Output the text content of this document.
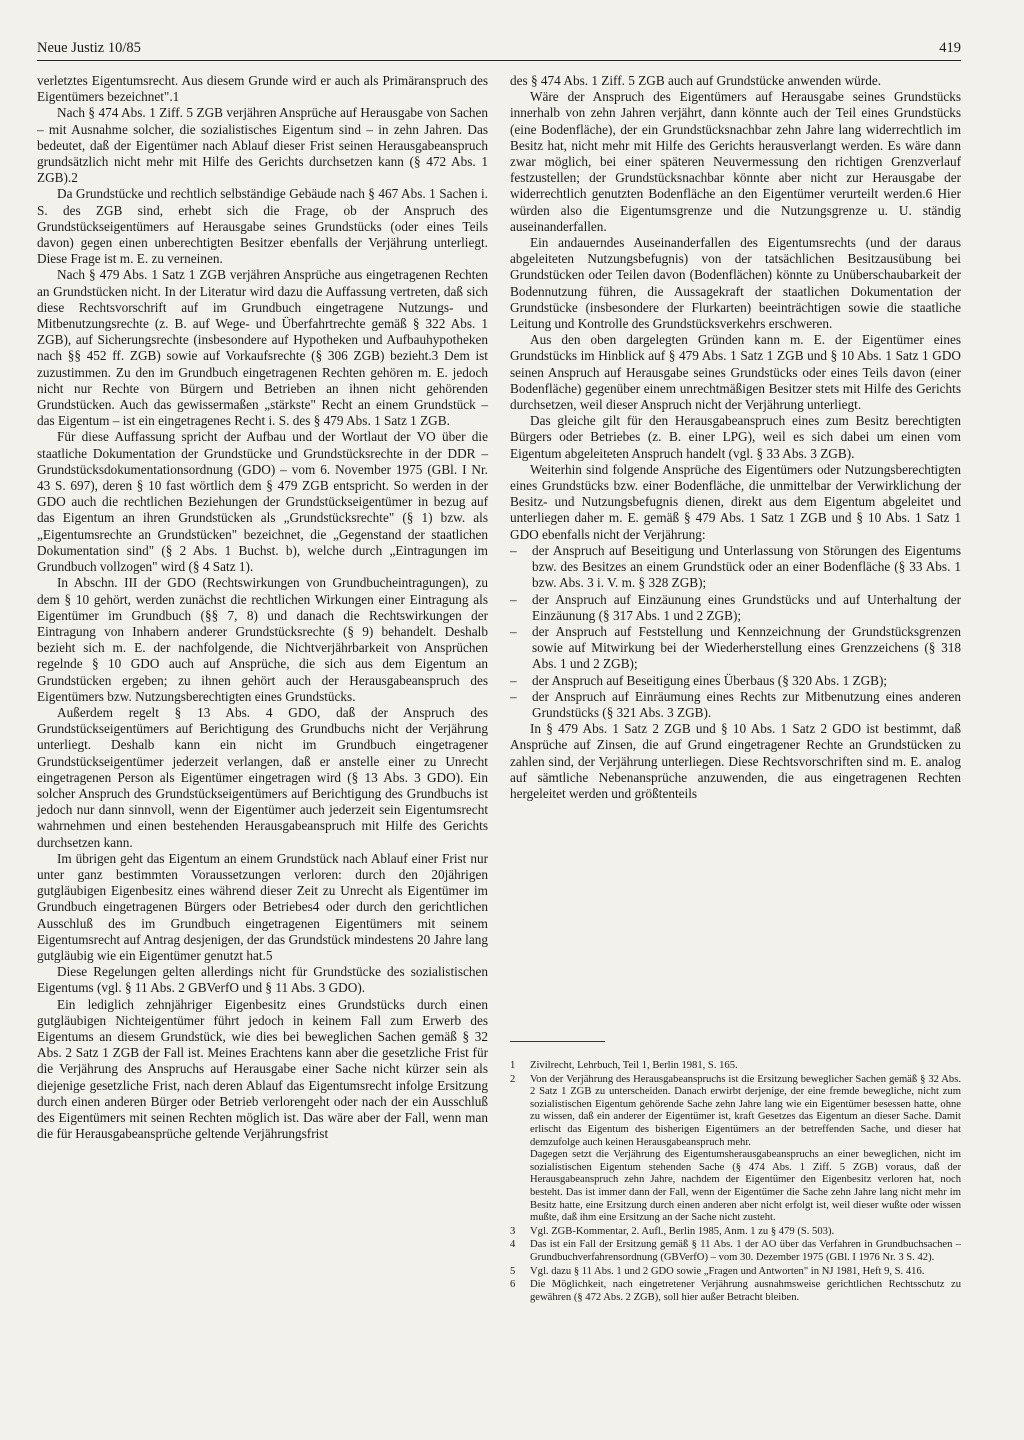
Neue Justiz 10/85	419

verletztes Eigentumsrecht. Aus diesem Grunde wird er auch als Primäranspruch des Eigentümers bezeichnet".1

Nach § 474 Abs. 1 Ziff. 5 ZGB verjähren Ansprüche auf Herausgabe von Sachen – mit Ausnahme solcher, die sozialistisches Eigentum sind – in zehn Jahren. Das bedeutet, daß der Eigentümer nach Ablauf dieser Frist seinen Herausgabeanspruch grundsätzlich nicht mehr mit Hilfe des Gerichts durchsetzen kann (§ 472 Abs. 1 ZGB).2

Da Grundstücke und rechtlich selbständige Gebäude nach § 467 Abs. 1 Sachen i. S. des ZGB sind, erhebt sich die Frage, ob der Anspruch des Grundstückseigentümers auf Herausgabe seines Grundstücks (oder eines Teils davon) gegen einen unberechtigten Besitzer ebenfalls der Verjährung unterliegt. Diese Frage ist m. E. zu verneinen.

Nach § 479 Abs. 1 Satz 1 ZGB verjähren Ansprüche aus eingetragenen Rechten an Grundstücken nicht. In der Literatur wird dazu die Auffassung vertreten, daß sich diese Rechtsvorschrift auf im Grundbuch eingetragene Nutzungs- und Mitbenutzungsrechte (z. B. auf Wege- und Überfahrtrechte gemäß § 322 Abs. 1 ZGB), auf Sicherungsrechte (insbesondere auf Hypotheken und Aufbauhypotheken nach §§ 452 ff. ZGB) sowie auf Vorkaufsrechte (§ 306 ZGB) bezieht.3 Dem ist zuzustimmen. Zu den im Grundbuch eingetragenen Rechten gehören m. E. jedoch nicht nur Rechte von Bürgern und Betrieben an ihnen nicht gehörenden Grundstücken. Auch das gewissermaßen „stärkste" Recht an einem Grundstück – das Eigentum – ist ein eingetragenes Recht i. S. des § 479 Abs. 1 Satz 1 ZGB.

Für diese Auffassung spricht der Aufbau und der Wortlaut der VO über die staatliche Dokumentation der Grundstücke und Grundstücksrechte in der DDR – Grundstücksdokumentationsordnung (GDO) – vom 6. November 1975 (GBl. I Nr. 43 S. 697), deren § 10 fast wörtlich dem § 479 ZGB entspricht. So werden in der GDO auch die rechtlichen Beziehungen der Grundstückseigentümer in bezug auf das Eigentum an ihren Grundstücken als „Grundstücksrechte" (§ 1) bzw. als „Eigentumsrechte an Grundstücken" bezeichnet, die „Gegenstand der staatlichen Dokumentation sind" (§ 2 Abs. 1 Buchst. b), welche durch „Eintragungen im Grundbuch vollzogen" wird (§ 4 Satz 1).

In Abschn. III der GDO (Rechtswirkungen von Grundbucheintragungen), zu dem § 10 gehört, werden zunächst die rechtlichen Wirkungen einer Eintragung als Eigentümer im Grundbuch (§§ 7, 8) und danach die Rechtswirkungen der Eintragung von Inhabern anderer Grundstücksrechte (§ 9) behandelt. Deshalb bezieht sich m. E. der nachfolgende, die Nichtverjährbarkeit von Ansprüchen regelnde § 10 GDO auch auf Ansprüche, die sich aus dem Eigentum an Grundstücken ergeben; zu ihnen gehört auch der Herausgabeanspruch des Eigentümers bzw. Nutzungsberechtigten eines Grundstücks.

Außerdem regelt § 13 Abs. 4 GDO, daß der Anspruch des Grundstückseigentümers auf Berichtigung des Grundbuchs nicht der Verjährung unterliegt. Deshalb kann ein nicht im Grundbuch eingetragener Grundstückseigentümer jederzeit verlangen, daß er anstelle einer zu Unrecht eingetragenen Person als Eigentümer eingetragen wird (§ 13 Abs. 3 GDO). Ein solcher Anspruch des Grundstückseigentümers auf Berichtigung des Grundbuchs ist jedoch nur dann sinnvoll, wenn der Eigentümer auch jederzeit sein Eigentumsrecht wahrnehmen und einen bestehenden Herausgabeanspruch mit Hilfe des Gerichts durchsetzen kann.

Im übrigen geht das Eigentum an einem Grundstück nach Ablauf einer Frist nur unter ganz bestimmten Voraussetzungen verloren: durch den 20jährigen gutgläubigen Eigenbesitz eines während dieser Zeit zu Unrecht als Eigentümer im Grundbuch eingetragenen Bürgers oder Betriebes4 oder durch den gerichtlichen Ausschluß des im Grundbuch eingetragenen Eigentümers mit seinem Eigentumsrecht auf Antrag desjenigen, der das Grundstück mindestens 20 Jahre lang gutgläubig wie ein Eigentümer genutzt hat.5

Diese Regelungen gelten allerdings nicht für Grundstücke des sozialistischen Eigentums (vgl. § 11 Abs. 2 GBVerfO und § 11 Abs. 3 GDO).

Ein lediglich zehnjähriger Eigenbesitz eines Grundstücks durch einen gutgläubigen Nichteigentümer führt jedoch in keinem Fall zum Erwerb des Eigentums an diesem Grundstück, wie dies bei beweglichen Sachen gemäß § 32 Abs. 2 Satz 1 ZGB der Fall ist. Meines Erachtens kann aber die gesetzliche Frist für die Verjährung des Anspruchs auf Herausgabe einer Sache nicht kürzer sein als diejenige gesetzliche Frist, nach deren Ablauf das Eigentumsrecht infolge Ersitzung durch einen anderen Bürger oder Betrieb verlorengeht oder nach der ein Ausschluß des Eigentümers mit seinen Rechten möglich ist. Das wäre aber der Fall, wenn man die für Herausgabeansprüche geltende Verjährungsfrist

des § 474 Abs. 1 Ziff. 5 ZGB auch auf Grundstücke anwenden würde.

Wäre der Anspruch des Eigentümers auf Herausgabe seines Grundstücks innerhalb von zehn Jahren verjährt, dann könnte auch der Teil eines Grundstücks (eine Bodenfläche), der ein Grundstücksnachbar zehn Jahre lang widerrechtlich im Besitz hat, nicht mehr mit Hilfe des Gerichts herausverlangt werden. Es wäre dann zwar möglich, bei einer späteren Neuvermessung den richtigen Grenzverlauf festzustellen; der Grundstücksnachbar könnte aber nicht zur Herausgabe der widerrechtlich genutzten Bodenfläche an den Eigentümer verurteilt werden.6 Hier würden also die Eigentumsgrenze und die Nutzungsgrenze u. U. ständig auseinanderfallen.

Ein andauerndes Auseinanderfallen des Eigentumsrechts (und der daraus abgeleiteten Nutzungsbefugnis) von der tatsächlichen Besitzausübung bei Grundstücken oder Teilen davon (Bodenflächen) könnte zu Unüberschaubarkeit der Bodennutzung führen, die Aussagekraft der staatlichen Dokumentation der Grundstücke (insbesondere der Flurkarten) beeinträchtigen sowie die staatliche Leitung und Kontrolle des Grundstücksverkehrs erschweren.

Aus den oben dargelegten Gründen kann m. E. der Eigentümer eines Grundstücks im Hinblick auf § 479 Abs. 1 Satz 1 ZGB und § 10 Abs. 1 Satz 1 GDO seinen Anspruch auf Herausgabe seines Grundstücks oder eines Teils davon (einer Bodenfläche) gegenüber einem unrechtmäßigen Besitzer stets mit Hilfe des Gerichts durchsetzen, weil dieser Anspruch nicht der Verjährung unterliegt.

Das gleiche gilt für den Herausgabeanspruch eines zum Besitz berechtigten Bürgers oder Betriebes (z. B. einer LPG), weil es sich dabei um einen vom Eigentum abgeleiteten Anspruch handelt (vgl. § 33 Abs. 3 ZGB).

Weiterhin sind folgende Ansprüche des Eigentümers oder Nutzungsberechtigten eines Grundstücks bzw. einer Bodenfläche, die unmittelbar der Verwirklichung der Besitz- und Nutzungsbefugnis dienen, direkt aus dem Eigentum abgeleitet und unterliegen daher m. E. gemäß § 479 Abs. 1 Satz 1 ZGB und § 10 Abs. 1 Satz 1 GDO ebenfalls nicht der Verjährung:

– der Anspruch auf Beseitigung und Unterlassung von Störungen des Eigentums bzw. des Besitzes an einem Grundstück oder an einer Bodenfläche (§ 33 Abs. 1 bzw. Abs. 3 i. V. m. § 328 ZGB);
– der Anspruch auf Einzäunung eines Grundstücks und auf Unterhaltung der Einzäunung (§ 317 Abs. 1 und 2 ZGB);
– der Anspruch auf Feststellung und Kennzeichnung der Grundstücksgrenzen sowie auf Mitwirkung bei der Wiederherstellung eines Grenzzeichens (§ 318 Abs. 1 und 2 ZGB);
– der Anspruch auf Beseitigung eines Überbaus (§ 320 Abs. 1 ZGB);
– der Anspruch auf Einräumung eines Rechts zur Mitbenutzung eines anderen Grundstücks (§ 321 Abs. 3 ZGB).

In § 479 Abs. 1 Satz 2 ZGB und § 10 Abs. 1 Satz 2 GDO ist bestimmt, daß Ansprüche auf Zinsen, die auf Grund eingetragener Rechte an Grundstücken zu zahlen sind, der Verjährung unterliegen. Diese Rechtsvorschriften sind m. E. analog auf sämtliche Nebenansprüche anzuwenden, die aus eingetragenen Rechten hergeleitet werden und größtenteils

1	Zivilrecht, Lehrbuch, Teil 1, Berlin 1981, S. 165.

2	Von der Verjährung des Herausgabeanspruchs ist die Ersitzung beweglicher Sachen gemäß § 32 Abs. 2 Satz 1 ZGB zu unterscheiden. Danach erwirbt derjenige, der eine fremde bewegliche, nicht zum sozialistischen Eigentum gehörende Sache zehn Jahre lang wie ein Eigentümer besessen hatte, ohne zu wissen, daß ein anderer der Eigentümer ist, kraft Gesetzes das Eigentum an dieser Sache. Damit erlischt das Eigentum des bisherigen Eigentümers an der betreffenden Sache, und dieser hat demzufolge auch keinen Herausgabeanspruch mehr.

Dagegen setzt die Verjährung des Eigentumsherausgabeanspruchs an einer beweglichen, nicht im sozialistischen Eigentum stehenden Sache (§ 474 Abs. 1 Ziff. 5 ZGB) voraus, daß der Herausgabeanspruch zehn Jahre, nachdem der Eigentümer den Eigenbesitz verloren hat, noch besteht. Das ist immer dann der Fall, wenn der Eigentümer die Sache zehn Jahre lang nicht mehr im Besitz hatte, eine Ersitzung durch einen anderen aber nicht erfolgt ist, weil dieser wußte oder wissen mußte, daß ihm eine Ersitzung an der Sache nicht zusteht.

3	Vgl. ZGB-Kommentar, 2. Aufl., Berlin 1985, Anm. 1 zu § 479 (S. 503).

4	Das ist ein Fall der Ersitzung gemäß § 11 Abs. 1 der AO über das Verfahren in Grundbuchsachen – Grundbuchverfahrensordnung (GBVerfO) – vom 30. Dezember 1975 (GBl. I 1976 Nr. 3 S. 42).

5	Vgl. dazu § 11 Abs. 1 und 2 GDO sowie „Fragen und Antworten" in NJ 1981, Heft 9, S. 416.

6	Die Möglichkeit, nach eingetretener Verjährung ausnahmsweise gerichtlichen Rechtsschutz zu gewähren (§ 472 Abs. 2 ZGB), soll hier außer Betracht bleiben.
